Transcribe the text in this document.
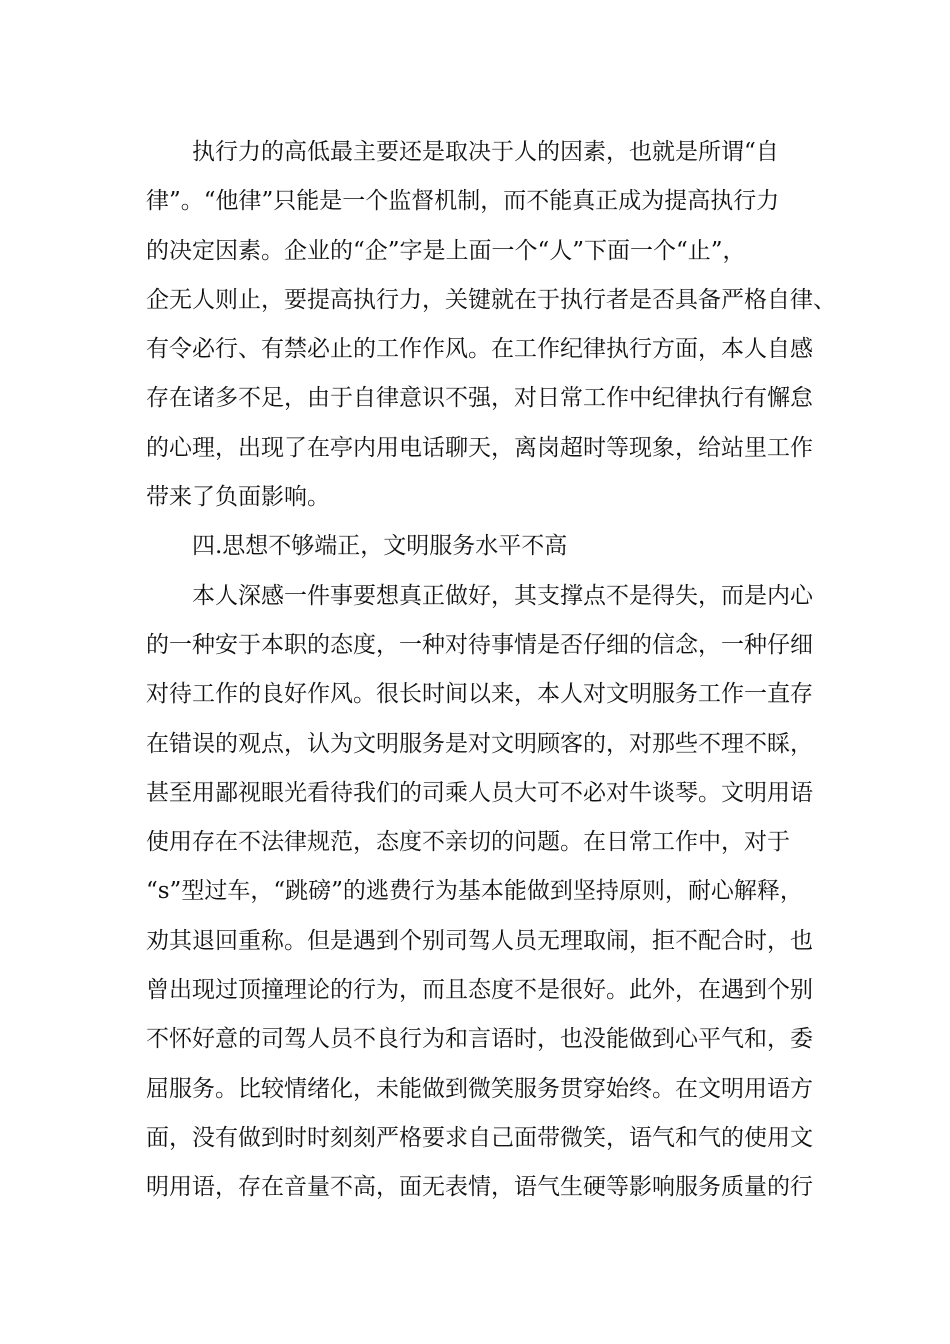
执行力的高低最主要还是取决于人的因素，也就是所谓“自
律”。“他律”只能是一个监督机制，而不能真正成为提高执行力
的决定因素。企业的“企”字是上面一个“人”下面一个“止”，
企无人则止，要提高执行力，关键就在于执行者是否具备严格自律、
有令必行、有禁必止的工作作风。在工作纪律执行方面，本人自感
存在诸多不足，由于自律意识不强，对日常工作中纪律执行有懈怠
的心理，出现了在亭内用电话聊天，离岗超时等现象，给站里工作
带来了负面影响。
四.思想不够端正，文明服务水平不高
本人深感一件事要想真正做好，其支撑点不是得失，而是内心
的一种安于本职的态度，一种对待事情是否仔细的信念，一种仔细
对待工作的良好作风。很长时间以来，本人对文明服务工作一直存
在错误的观点，认为文明服务是对文明顾客的，对那些不理不睬，
甚至用鄙视眼光看待我们的司乘人员大可不必对牛谈琴。文明用语
使用存在不法律规范，态度不亲切的问题。在日常工作中，对于
“s”型过车，“跳磅”的逃费行为基本能做到坚持原则，耐心解释，
劝其退回重称。但是遇到个别司驾人员无理取闹，拒不配合时，也
曾出现过顶撞理论的行为，而且态度不是很好。此外，在遇到个别
不怀好意的司驾人员不良行为和言语时，也没能做到心平气和，委
屈服务。比较情绪化，未能做到微笑服务贯穿始终。在文明用语方
面，没有做到时时刻刻严格要求自己面带微笑，语气和气的使用文
明用语，存在音量不高，面无表情，语气生硬等影响服务质量的行
